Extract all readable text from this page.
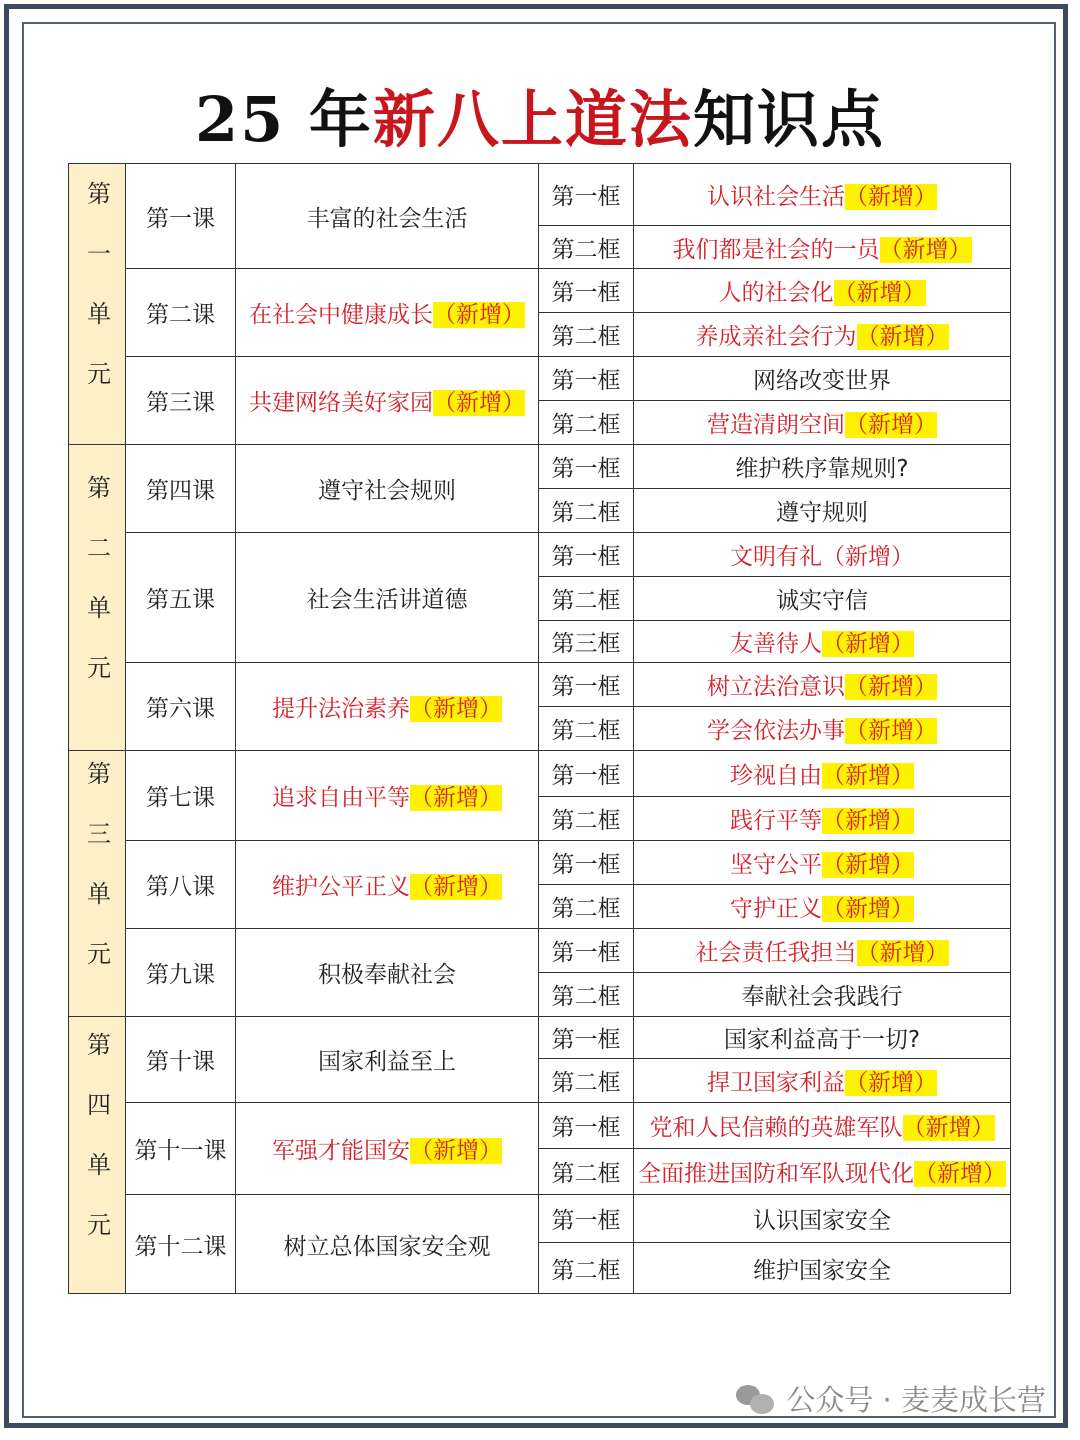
25 年新八上道法知识点
第一单元	第一课	丰富的社会生活	第一框	认识社会生活（新增）
			第二框	我们都是社会的一员（新增）
	第二课	在社会中健康成长（新增）	第一框	人的社会化（新增）
			第二框	养成亲社会行为（新增）
	第三课	共建网络美好家园（新增）	第一框	网络改变世界
			第二框	营造清朗空间（新增）
第二单元	第四课	遵守社会规则	第一框	维护秩序靠规则?
			第二框	遵守规则
	第五课	社会生活讲道德	第一框	文明有礼（新增）
			第二框	诚实守信
			第三框	友善待人（新增）
	第六课	提升法治素养（新增）	第一框	树立法治意识（新增）
			第二框	学会依法办事（新增）
第三单元	第七课	追求自由平等（新增）	第一框	珍视自由（新增）
			第二框	践行平等（新增）
	第八课	维护公平正义（新增）	第一框	坚守公平（新增）
			第二框	守护正义（新增）
	第九课	积极奉献社会	第一框	社会责任我担当（新增）
			第二框	奉献社会我践行
第四单元	第十课	国家利益至上	第一框	国家利益高于一切?
			第二框	捍卫国家利益（新增）
	第十一课	军强才能国安（新增）	第一框	党和人民信赖的英雄军队（新增）
			第二框	全面推进国防和军队现代化（新增）
	第十二课	树立总体国家安全观	第一框	认识国家安全
			第二框	维护国家安全
公众号 · 麦麦成长营
